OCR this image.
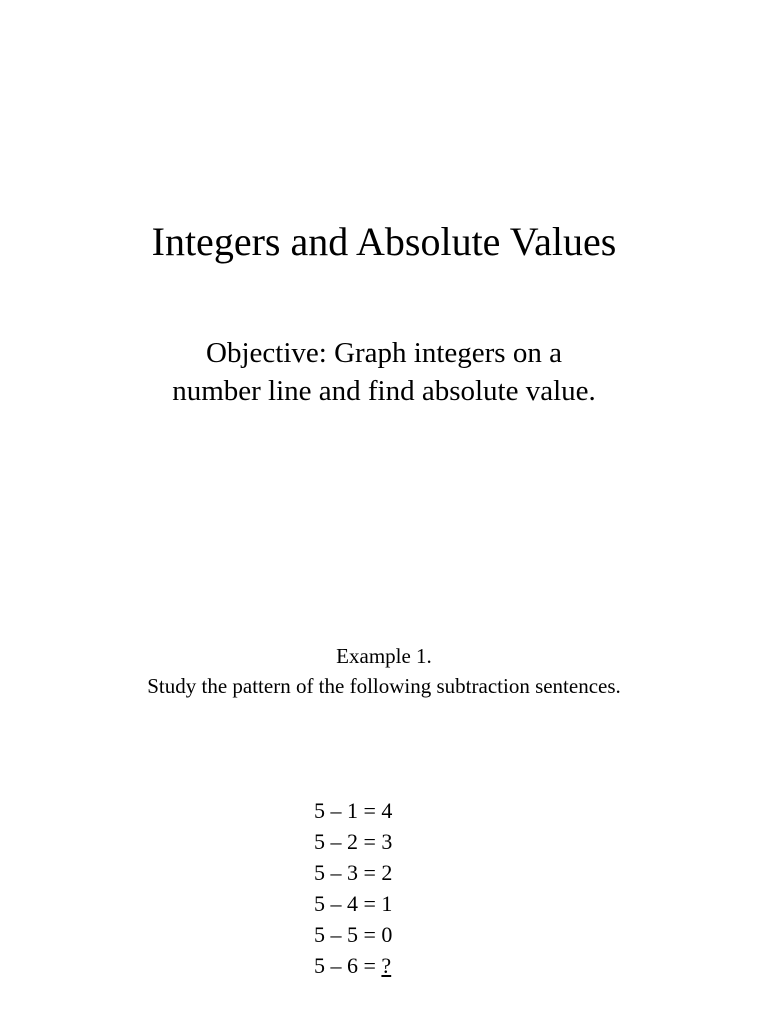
Integers and Absolute Values
Objective: Graph integers on a
number line and find absolute value.
Example 1.
Study the pattern of the following subtraction sentences.
5 – 1 = 4
5 – 2 = 3
5 – 3 = 2
5 – 4 = 1
5 – 5 = 0
5 – 6 = ?
